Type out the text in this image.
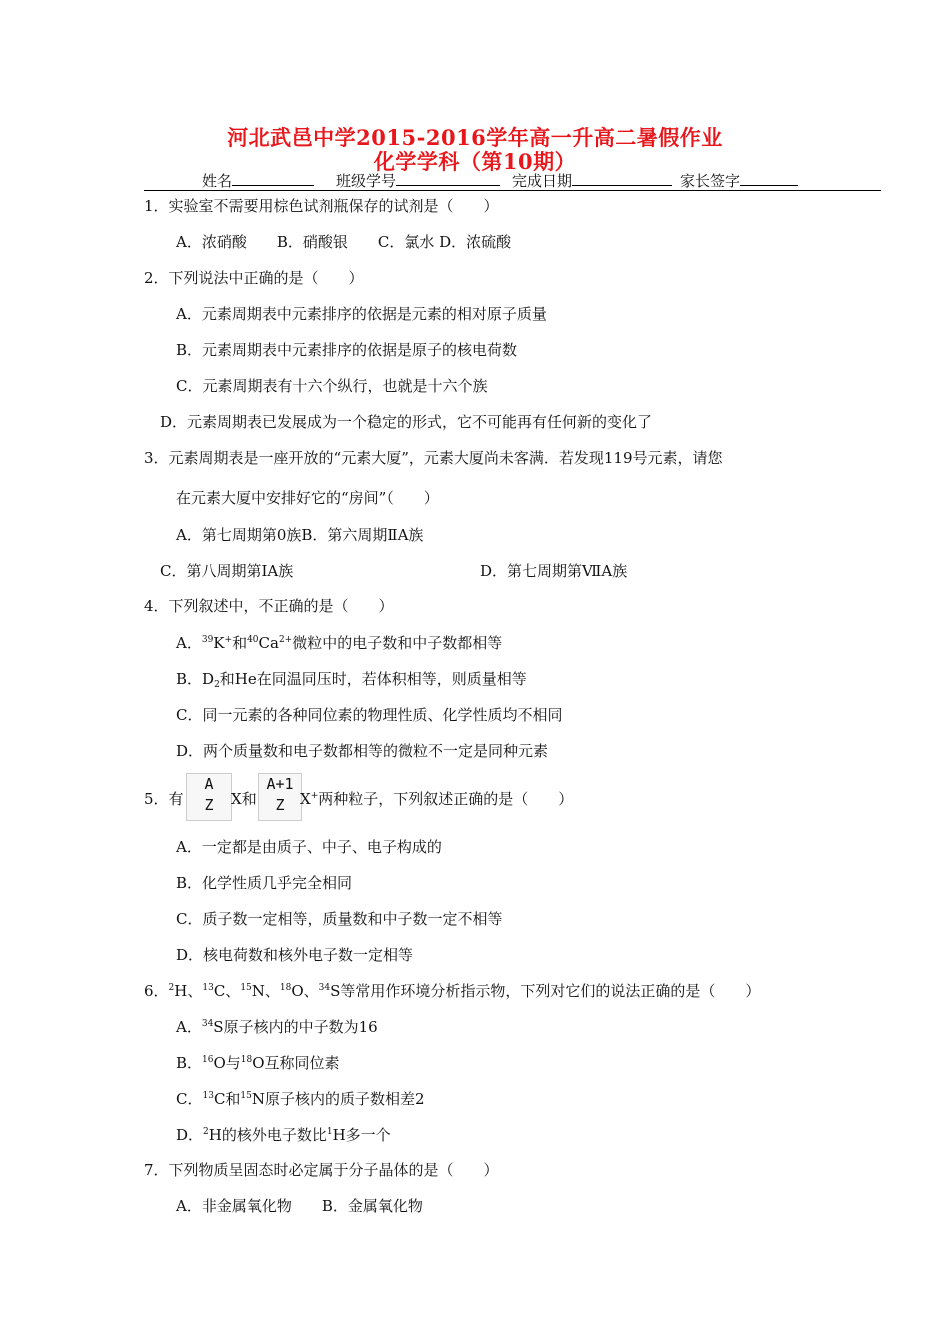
河北武邑中学2015-2016学年高一升高二暑假作业
化学学科（第10期）
姓名	班级学号	完成日期	家长签字
1．实验室不需要用棕色试剂瓶保存的试剂是（　　）
A．浓硝酸　　B．硝酸银　　C．氯水 D．浓硫酸
2．下列说法中正确的是（　　）
A．元素周期表中元素排序的依据是元素的相对原子质量
B．元素周期表中元素排序的依据是原子的核电荷数
C．元素周期表有十六个纵行，也就是十六个族
D．元素周期表已发展成为一个稳定的形式，它不可能再有任何新的变化了
3．元素周期表是一座开放的“元素大厦”，元素大厦尚未客满．若发现119号元素，请您
在元素大厦中安排好它的“房间”（　　）
A．第七周期第0族B．第六周期ⅡA族
C．第八周期第ⅠA族	D．第七周期第ⅦA族
4．下列叙述中，不正确的是（　　）
A．$^{39}$K+和$^{40}Ca^{2+}$微粒中的电子数和中子数都相等
B．$D_2$和He在同温同压时，若体积相等，则质量相等
C．同一元素的各种同位素的物理性质、化学性质均不相同
D．两个质量数和电子数都相等的微粒不一定是同种元素
5．有
A
Z	X和
A+1
Z	X+两种粒子，下列叙述正确的是（　　）
A．一定都是由质子、中子、电子构成的
B．化学性质几乎完全相同
C．质子数一定相等，质量数和中子数一定不相等
D．核电荷数和核外电子数一定相等
6．$^2$H、$^{13}$C、$^{15}$N、$^{18}$O、$^{34}$S等常用作环境分析指示物，下列对它们的说法正确的是（　　）
A．$^{34}$S原子核内的中子数为16
B．$^{16}$O与$^{18}$O互称同位素
C．$^{13}$C和$^{15}$N原子核内的质子数相差2
D．$^2$H的核外电子数比$^1$H多一个
7．下列物质呈固态时必定属于分子晶体的是（　　）
A．非金属氧化物　　B．金属氧化物
